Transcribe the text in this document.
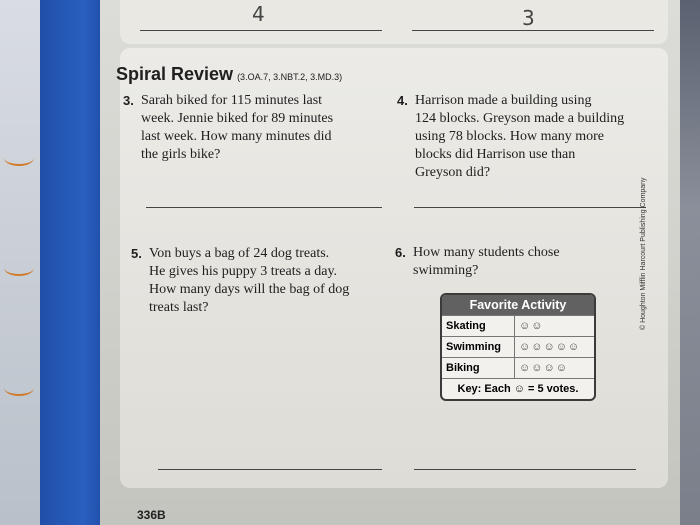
4	3
Spiral Review (3.OA.7, 3.NBT.2, 3.MD.3)
3. Sarah biked for 115 minutes last
week. Jennie biked for 89 minutes
last week. How many minutes did
the girls bike?
4. Harrison made a building using
124 blocks. Greyson made a building
using 78 blocks. How many more
blocks did Harrison use than
Greyson did?
5. Von buys a bag of 24 dog treats.
He gives his puppy 3 treats a day.
How many days will the bag of dog
treats last?
6. How many students chose
swimming?
Favorite Activity
Skating	☺☺
Swimming	☺☺☺☺☺
Biking	☺☺☺☺
Key: Each ☺ = 5 votes.
336B
© Houghton Mifflin Harcourt Publishing Company
